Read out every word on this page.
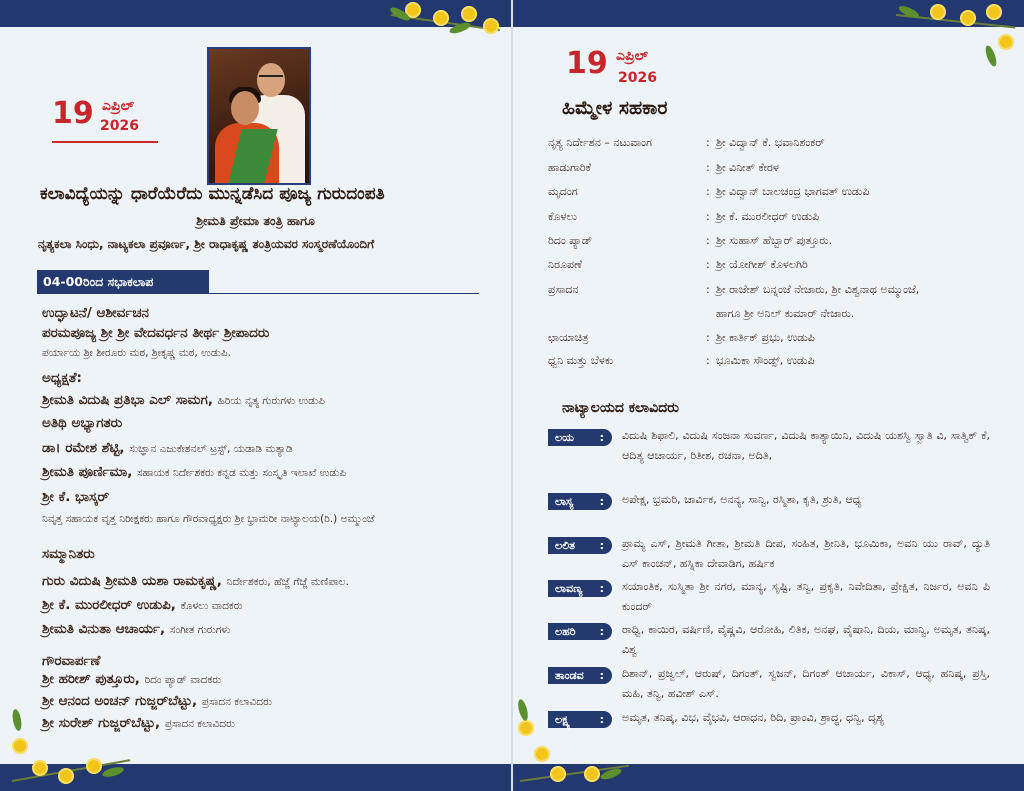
19 ಎಪ್ರಿಲ್
2026
ಕಲಾವಿದ್ಯೆಯನ್ನು ಧಾರೆಯೆರೆದು ಮುನ್ನಡೆಸಿದ ಪೂಜ್ಯ ಗುರುದಂಪತಿ
ಶ್ರೀಮತಿ ಪ್ರೇಮಾ ತಂತ್ರಿ ಹಾಗೂ
ನೃತ್ಯಕಲಾ ಸಿಂಧು, ನಾಟ್ಯಕಲಾ ಪ್ರವೂರ್ಣ, ಶ್ರೀ ರಾಧಾಕೃಷ್ಣ ತಂತ್ರಿಯವರ ಸಂಸ್ಮರಣೆಯೊಂದಿಗೆ
04-00ರಿಂದ ಸಭಾಕಲಾಪ
ಉದ್ಘಾಟನೆ/ ಆಶೀರ್ವಚನ
ಪರಮಪೂಜ್ಯ ಶ್ರೀ ಶ್ರೀ ವೇದವರ್ಧನ ತೀರ್ಥ ಶ್ರೀಪಾದರು
ಪರ್ಯಾಯ ಶ್ರೀ ಶೀರೂರು ಮಠ, ಶ್ರೀಕೃಷ್ಣ ಮಠ, ಉಡುಪಿ.
ಅಧ್ಯಕ್ಷತೆ:
ಶ್ರೀಮತಿ ವಿದುಷಿ ಪ್ರತಿಭಾ ಎಲ್ ಸಾಮಗ, ಹಿರಿಯ ನೃತ್ಯ ಗುರುಗಳು ಉಡುಪಿ
ಅತಿಥಿ ಅಭ್ಯಾಗತರು
ಡಾ। ರಮೇಶ ಶೆಟ್ಟಿ, ಸುಜ್ಞಾನ ಎಜುಕೇಶನಲ್ ಟ್ರಸ್ಟ್, ಯಡಾಡಿ ಮತ್ಯಾಡಿ
ಶ್ರೀಮತಿ ಪೂರ್ಣಿಮಾ, ಸಹಾಯಕ ನಿರ್ದೇಶಕರು ಕನ್ನಡ ಮತ್ತು ಸಂಸ್ಕೃತಿ ಇಲಾಖೆ ಉಡುಪಿ
ಶ್ರೀ ಕೆ. ಭಾಸ್ಕರ್
ನಿವೃತ್ತ ಸಹಾಯಕ ವೃತ್ತ ನಿರೀಕ್ಷಕರು ಹಾಗೂ ಗೌರವಾಧ್ಯಕ್ಷರು ಶ್ರೀ ಭ್ರಾಮರೀ ನಾಟ್ಯಾಲಯ(ರಿ.) ಅಮ್ಮುಂಜೆ
ಸಮ್ಮಾನಿತರು
ಗುರು ವಿದುಷಿ ಶ್ರೀಮತಿ ಯಶಾ ರಾಮಕೃಷ್ಣ, ನಿರ್ದೇಶಕರು, ಹೆಜ್ಜೆ ಗೆಜ್ಜೆ ಮಣಿಪಾಲ.
ಶ್ರೀ ಕೆ. ಮುರಲೀಧರ್ ಉಡುಪಿ, ಕೊಳಲು ವಾದಕರು
ಶ್ರೀಮತಿ ವಿನುತಾ ಆಚಾರ್ಯ, ಸಂಗೀತ ಗುರುಗಳು
ಗೌರವಾರ್ಪಣೆ
ಶ್ರೀ ಹರೀಶ್ ಪುತ್ತೂರು, ರಿದಂ ಪ್ಯಾಡ್ ವಾದಕರು
ಶ್ರೀ ಆನಂದ ಅಂಚನ್ ಗುಜ್ಜರ್‌ಬೆಟ್ಟು, ಪ್ರಸಾದನ ಕಲಾವಿದರು
ಶ್ರೀ ಸುರೇಶ್ ಗುಜ್ಜರ್‌ಬೆಟ್ಟು, ಪ್ರಸಾದನ ಕಲಾವಿದರು
19 ಎಪ್ರಿಲ್
2026
ಹಿಮ್ಮೇಳ ಸಹಕಾರ
ನೃತ್ಯ ನಿರ್ದೇಶನ – ನಟುವಾಂಗ	: ಶ್ರೀ ವಿದ್ವಾನ್ ಕೆ. ಭವಾನಿಶಂಕರ್
ಹಾಡುಗಾರಿಕೆ	: ಶ್ರೀ ವಿನೀತ್ ಕೇರಳ
ಮೃದಂಗ	: ಶ್ರೀ ವಿದ್ವಾನ್ ಬಾಲಚಂದ್ರ ಭಾಗವತ್ ಉಡುಪಿ
ಕೊಳಲು	: ಶ್ರೀ ಕೆ. ಮುರಲೀಧರ್ ಉಡುಪಿ
ರಿದಂ ಪ್ಯಾಡ್	: ಶ್ರೀ ಸುಹಾಸ್ ಹೆಬ್ಬಾರ್ ಪುತ್ತೂರು.
ನಿರೂಪಣೆ	: ಶ್ರೀ ಯೋಗೀಶ್ ಕೊಳಲಗಿರಿ
ಪ್ರಸಾದನ	: ಶ್ರೀ ರಾಜೇಶ್ ಬನ್ನಂಜೆ ನೇಜಾರು, ಶ್ರೀ ವಿಶ್ವನಾಥ ಅಮ್ಮುಂಜೆ,
ಹಾಗೂ ಶ್ರೀ ಅನಿಲ್ ಕುಮಾರ್ ನೇಜಾರು.
ಛಾಯಾಚಿತ್ರ	: ಶ್ರೀ ಕಾರ್ತಿಕ್ ಪ್ರಭು, ಉಡುಪಿ
ಧ್ವನಿ ಮತ್ತು ಬೆಳಕು	: ಭೂಮಿಕಾ ಸೌಂಡ್ಸ್, ಉಡುಪಿ
ನಾಟ್ಯಾಲಯದ ಕಲಾವಿದರು
ಲಯ : ವಿದುಷಿ ಶಿಫಾಲಿ, ವಿದುಷಿ ಸಂಜನಾ ಸುವರ್ಣ, ವಿದುಷಿ ಕಾತ್ಯಾಯಿನಿ, ವಿದುಷಿ ಯಶಸ್ವಿ ಸ್ವಾತಿ ವಿ, ಸಾತ್ವಿಕ್ ಕೆ, ಆದಿತ್ಯ ಆಚಾರ್ಯ, ರಿತೀಶ, ರಚನಾ, ಅದಿತಿ,
ಲಾಸ್ಯ : ಅಪೇಕ್ಷ, ಭ್ರಮರಿ, ಚಾರ್ವಿಕ, ಅನನ್ಯ, ಸಾನ್ವಿ, ರಸ್ಮಿತಾ, ಕೃತಿ, ಶ್ರುತಿ, ಆಧ್ಯ
ಲಲಿತ : ಪ್ರಾಮ್ಯ ಎಸ್, ಶ್ರೀಮತಿ ಗೀತಾ, ಶ್ರೀಮತಿ ದೀಪ, ಸಂಹಿತ, ಶ್ರೀನಿತಿ, ಭೂಮಿಕಾ, ಅವನಿ ಯು ರಾವ್, ದ್ಯುತಿ ಎಸ್ ಕಾಂಚನ್, ಹಸ್ನಿಕಾ ದೇವಾಡಿಗ, ಹರ್ಷಿಕ
ಲಾವಣ್ಯ : ಸಯಾಂತಿಕ, ಸುಸ್ಮಿತಾ ಶ್ರೀ ನಗರ, ಮಾನ್ಯ, ಸೃಷ್ಟಿ, ತನ್ವಿ, ಪ್ರಕೃತಿ, ನಿವೇದಿತಾ, ಪ್ರೇಕ್ಷಿತ, ನಿರ್ಜರ, ಅವನಿ ಪಿ ಕುಂದರ್
ಲಹರಿ : ರಾಧ್ವಿ, ಕಾಯಿರ, ವರ್ಷಿಣಿ, ವೈಷ್ಣವಿ, ಆರೋಹಿ, ಲಿತಿಕ, ಅನಘ, ವೈಷಾನಿ, ದಿಯ, ಮಾನ್ವಿ, ಅಮೃತ, ತನಿಷ್ಕ, ವಿಶ್ವ
ತಾಂಡವ : ದಿಶಾನ್, ಪ್ರಜ್ವಲ್, ಆರುಷ್, ದಿಗಂತ್, ಸ್ವಜನ್, ದಿಗಂತ್ ಆಚಾರ್ಯ, ವಿಕಾಸ್, ಆಧ್ಯ, ಹನಿಷ್ಕ, ಪ್ರಸ್ತಿ, ಮಹಿ, ತನ್ವಿ, ಹವೀಶ್ ಎಸ್.
ಲಕ್ಷ್ಯ	: ಅಮೃತ, ತನಿಷ್ಕ, ವಿಭ, ವೈಭವಿ, ಆರಾಧನ, ರಿದಿ, ಪ್ರಾಂವಿ, ಶ್ರಾದ್ಧ, ಧನ್ವಿ, ದೃಶ್ಯ
